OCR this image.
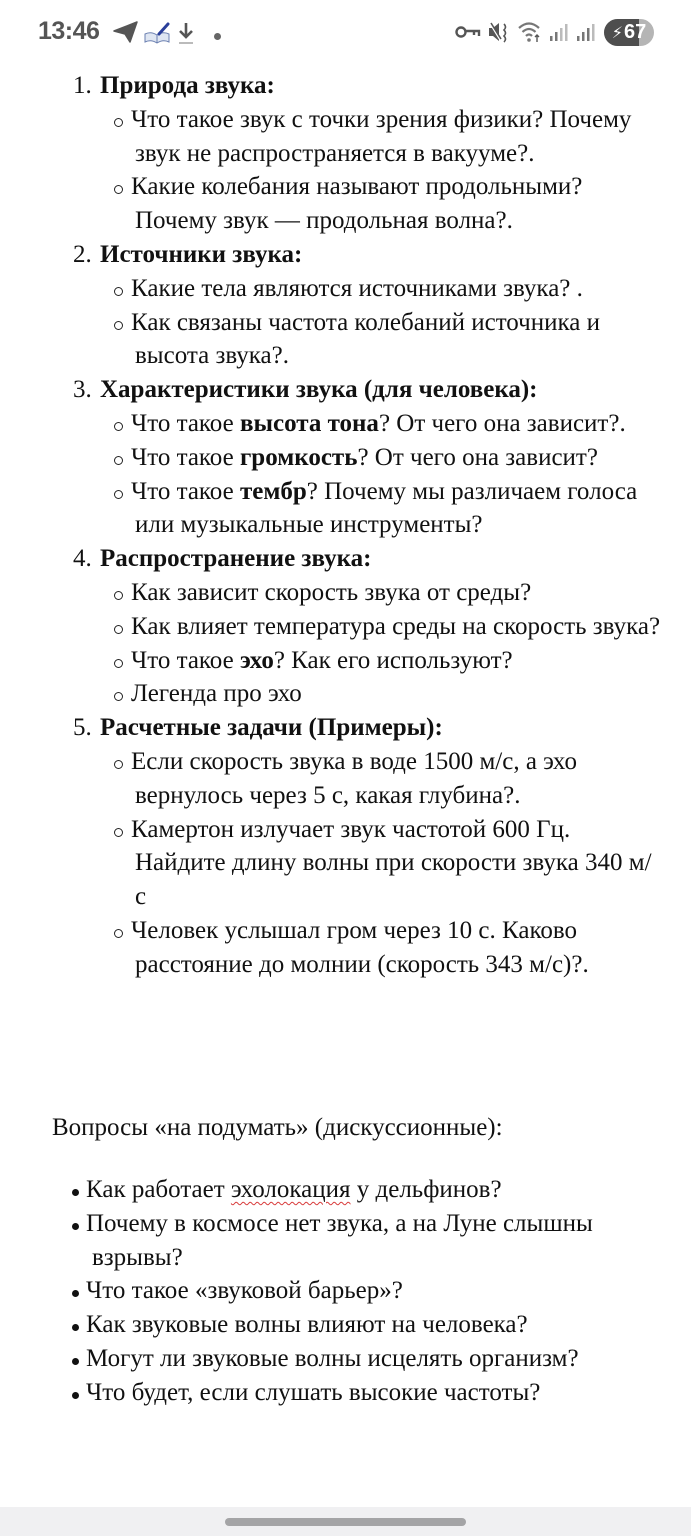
13:46	⚡67
1. Природа звука:
Что такое звук с точки зрения физики? Почему звук не распространяется в вакууме?.
Какие колебания называют продольными? Почему звук — продольная волна?.
2. Источники звука:
Какие тела являются источниками звука? .
Как связаны частота колебаний источника и высота звука?.
3. Характеристики звука (для человека):
Что такое высота тона? От чего она зависит?.
Что такое громкость? От чего она зависит?
Что такое тембр? Почему мы различаем голоса или музыкальные инструменты?
4. Распространение звука:
Как зависит скорость звука от среды?
Как влияет температура среды на скорость звука?
Что такое эхо? Как его используют?
Легенда про эхо
5. Расчетные задачи (Примеры):
Если скорость звука в воде 1500 м/с, а эхо вернулось через 5 с, какая глубина?.
Камертон излучает звук частотой 600 Гц. Найдите длину волны при скорости звука 340 м/с
Человек услышал гром через 10 с. Каково расстояние до молнии (скорость 343 м/с)?.
Вопросы «на подумать» (дискуссионные):
Как работает эхолокация у дельфинов?
Почему в космосе нет звука, а на Луне слышны взрывы?
Что такое «звуковой барьер»?
Как звуковые волны влияют на человека?
Могут ли звуковые волны исцелять организм?
Что будет, если слушать высокие частоты?
